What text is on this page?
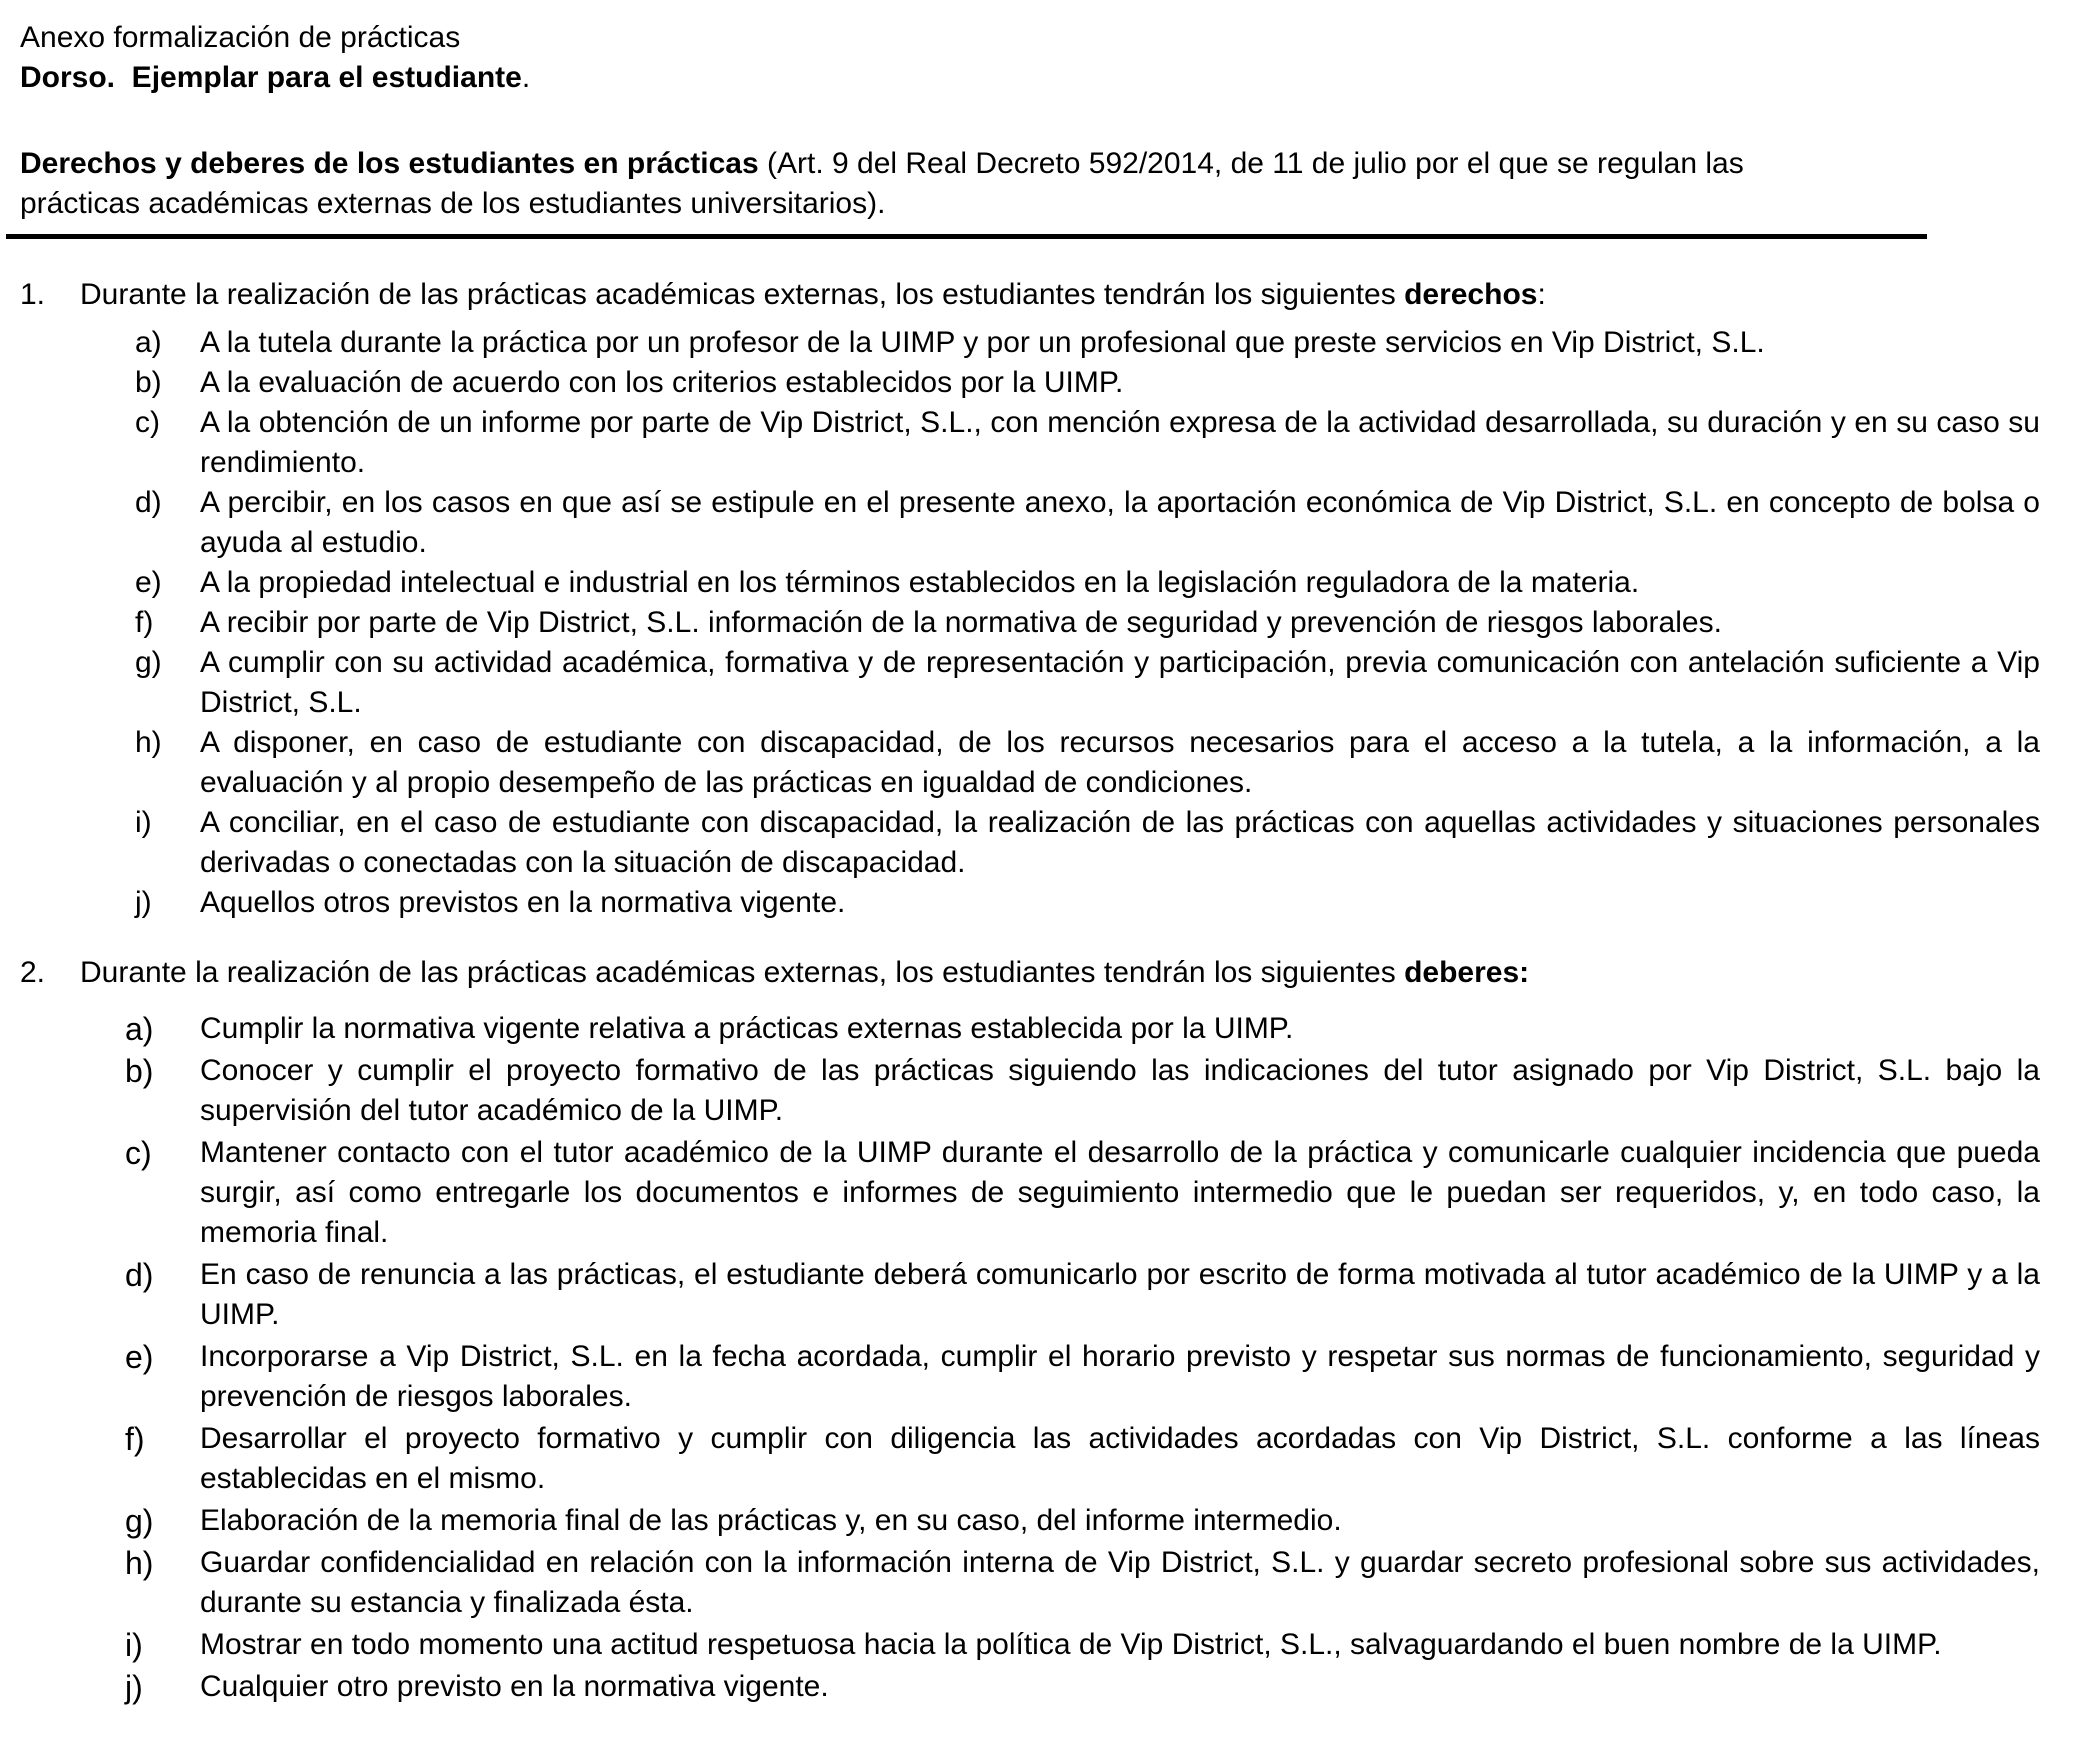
Anexo formalización de prácticas
Dorso.  Ejemplar para el estudiante.

Derechos y deberes de los estudiantes en prácticas (Art. 9 del Real Decreto 592/2014, de 11 de julio por el que se regulan las
prácticas académicas externas de los estudiantes universitarios).

1.	Durante la realización de las prácticas académicas externas, los estudiantes tendrán los siguientes derechos:
a)	A la tutela durante la práctica por un profesor de la UIMP y por un profesional que preste servicios en Vip District, S.L.
b)	A la evaluación de acuerdo con los criterios establecidos por la UIMP.
c)	A la obtención de un informe por parte de Vip District, S.L., con mención expresa de la actividad desarrollada, su duración y en su caso su rendimiento.
d)	A percibir, en los casos en que así se estipule en el presente anexo, la aportación económica de Vip District, S.L. en concepto de bolsa o ayuda al estudio.
e)	A la propiedad intelectual e industrial en los términos establecidos en la legislación reguladora de la materia.
f)	A recibir por parte de Vip District, S.L. información de la normativa de seguridad y prevención de riesgos laborales.
g)	A cumplir con su actividad académica, formativa y de representación y participación, previa comunicación con antelación suficiente a Vip District, S.L.
h)	A disponer, en caso de estudiante con discapacidad, de los recursos necesarios para el acceso a la tutela, a la información, a la evaluación y al propio desempeño de las prácticas en igualdad de condiciones.
i)	A conciliar, en el caso de estudiante con discapacidad, la realización de las prácticas con aquellas actividades y situaciones personales derivadas o conectadas con la situación de discapacidad.
j)	Aquellos otros previstos en la normativa vigente.
2.	Durante la realización de las prácticas académicas externas, los estudiantes tendrán los siguientes deberes:
a)	Cumplir la normativa vigente relativa a prácticas externas establecida por la UIMP.
b)	Conocer y cumplir el proyecto formativo de las prácticas siguiendo las indicaciones del tutor asignado por Vip District, S.L. bajo la supervisión del tutor académico de la UIMP.
c)	Mantener contacto con el tutor académico de la UIMP durante el desarrollo de la práctica y comunicarle cualquier incidencia que pueda surgir, así como entregarle los documentos e informes de seguimiento intermedio que le puedan ser requeridos, y, en todo caso, la memoria final.
d)	En caso de renuncia a las prácticas, el estudiante deberá comunicarlo por escrito de forma motivada al tutor académico de la UIMP y a la UIMP.
e)	Incorporarse a Vip District, S.L. en la fecha acordada, cumplir el horario previsto y respetar sus normas de funcionamiento, seguridad y prevención de riesgos laborales.
f)	Desarrollar el proyecto formativo y cumplir con diligencia las actividades acordadas con Vip District, S.L. conforme a las líneas establecidas en el mismo.
g)	Elaboración de la memoria final de las prácticas y, en su caso, del informe intermedio.
h)	Guardar confidencialidad en relación con la información interna de Vip District, S.L. y guardar secreto profesional sobre sus actividades, durante su estancia y finalizada ésta.
i)	Mostrar en todo momento una actitud respetuosa hacia la política de Vip District, S.L., salvaguardando el buen nombre de la UIMP.
j)	Cualquier otro previsto en la normativa vigente.
